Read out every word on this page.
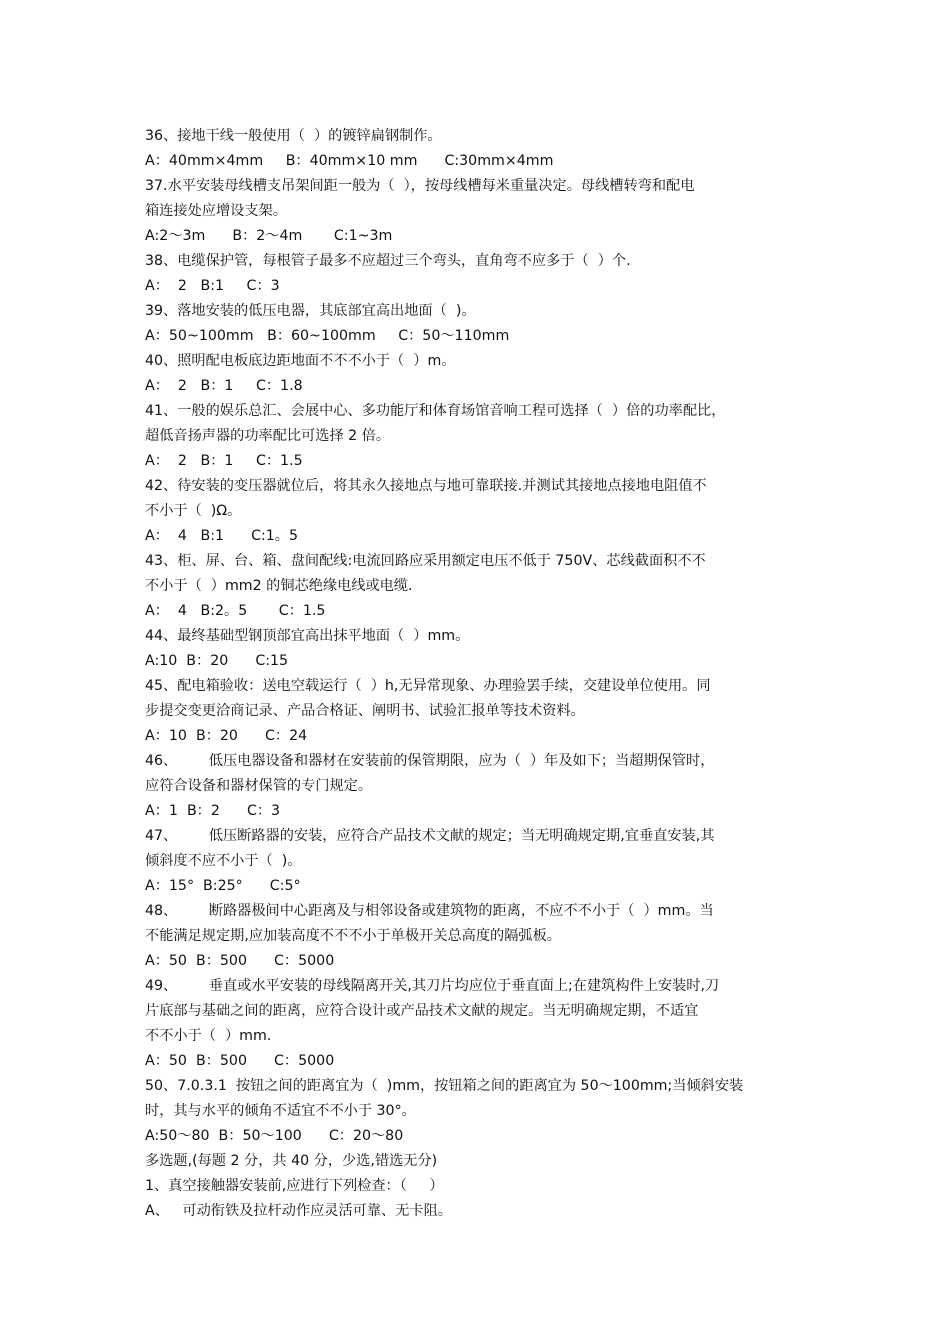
36、接地干线一般使用（  ）的镀锌扁钢制作。
A：40mm×4mm     B：40mm×10 mm      C:30mm×4mm
37.水平安装母线槽支吊架间距一般为（  ），按母线槽每米重量决定。母线槽转弯和配电
箱连接处应增设支架。
A:2～3m      B：2～4m       C:1~3m
38、电缆保护管，每根管子最多不应超过三个弯头，直角弯不应多于（  ）个.
A：  2   B:1     C：3
39、落地安装的低压电器，其底部宜高出地面（  )。
A：50~100mm   B：60~100mm     C：50～110mm
40、照明配电板底边距地面不不不小于（  ）m。
A：  2   B：1     C：1.8
41、一般的娱乐总汇、会展中心、多功能厅和体育场馆音响工程可选择（  ）倍的功率配比，
超低音扬声器的功率配比可选择 2 倍。
A：  2   B：1     C：1.5
42、待安装的变压器就位后，将其永久接地点与地可靠联接.并测试其接地点接地电阻值不
不小于（  )Ω。
A：  4   B:1      C:1。5
43、柜、屏、台、箱、盘间配线:电流回路应采用额定电压不低于 750V、芯线截面积不不
不小于（  ）mm2 的铜芯绝缘电线或电缆.
A：  4   B:2。5       C：1.5
44、最终基础型钢顶部宜高出抹平地面（  ）mm。
A:10  B：20      C:15
45、配电箱验收：送电空载运行（  ）h,无异常现象、办理验罢手续，交建设单位使用。同
步提交变更洽商记录、产品合格证、阐明书、试验汇报单等技术资料。
A：10  B：20      C：24
46、       低压电器设备和器材在安装前的保管期限，应为（  ）年及如下；当超期保管时，
应符合设备和器材保管的专门规定。
A：1  B：2      C：3
47、       低压断路器的安装，应符合产品技术文献的规定；当无明确规定期,宜垂直安装,其
倾斜度不应不小于（  )。
A：15°  B:25°      C:5°
48、       断路器极间中心距离及与相邻设备或建筑物的距离，不应不不小于（  ）mm。当
不能满足规定期,应加装高度不不不小于单极开关总高度的隔弧板。
A：50  B：500      C：5000
49、       垂直或水平安装的母线隔离开关,其刀片均应位于垂直面上;在建筑构件上安装时,刀
片底部与基础之间的距离，应符合设计或产品技术文献的规定。当无明确规定期，不适宜
不不小于（  ）mm.
A：50  B：500      C：5000
50、7.0.3.1  按钮之间的距离宜为（  )mm，按钮箱之间的距离宜为 50～100mm;当倾斜安装
时，其与水平的倾角不适宜不不小于 30°。
A:50～80  B：50～100      C：20～80
多选题,(每题 2 分，共 40 分，少选,错选无分)
1、真空接触器安装前,应进行下列检查：（     ）
A、   可动衔铁及拉杆动作应灵活可靠、无卡阻。
